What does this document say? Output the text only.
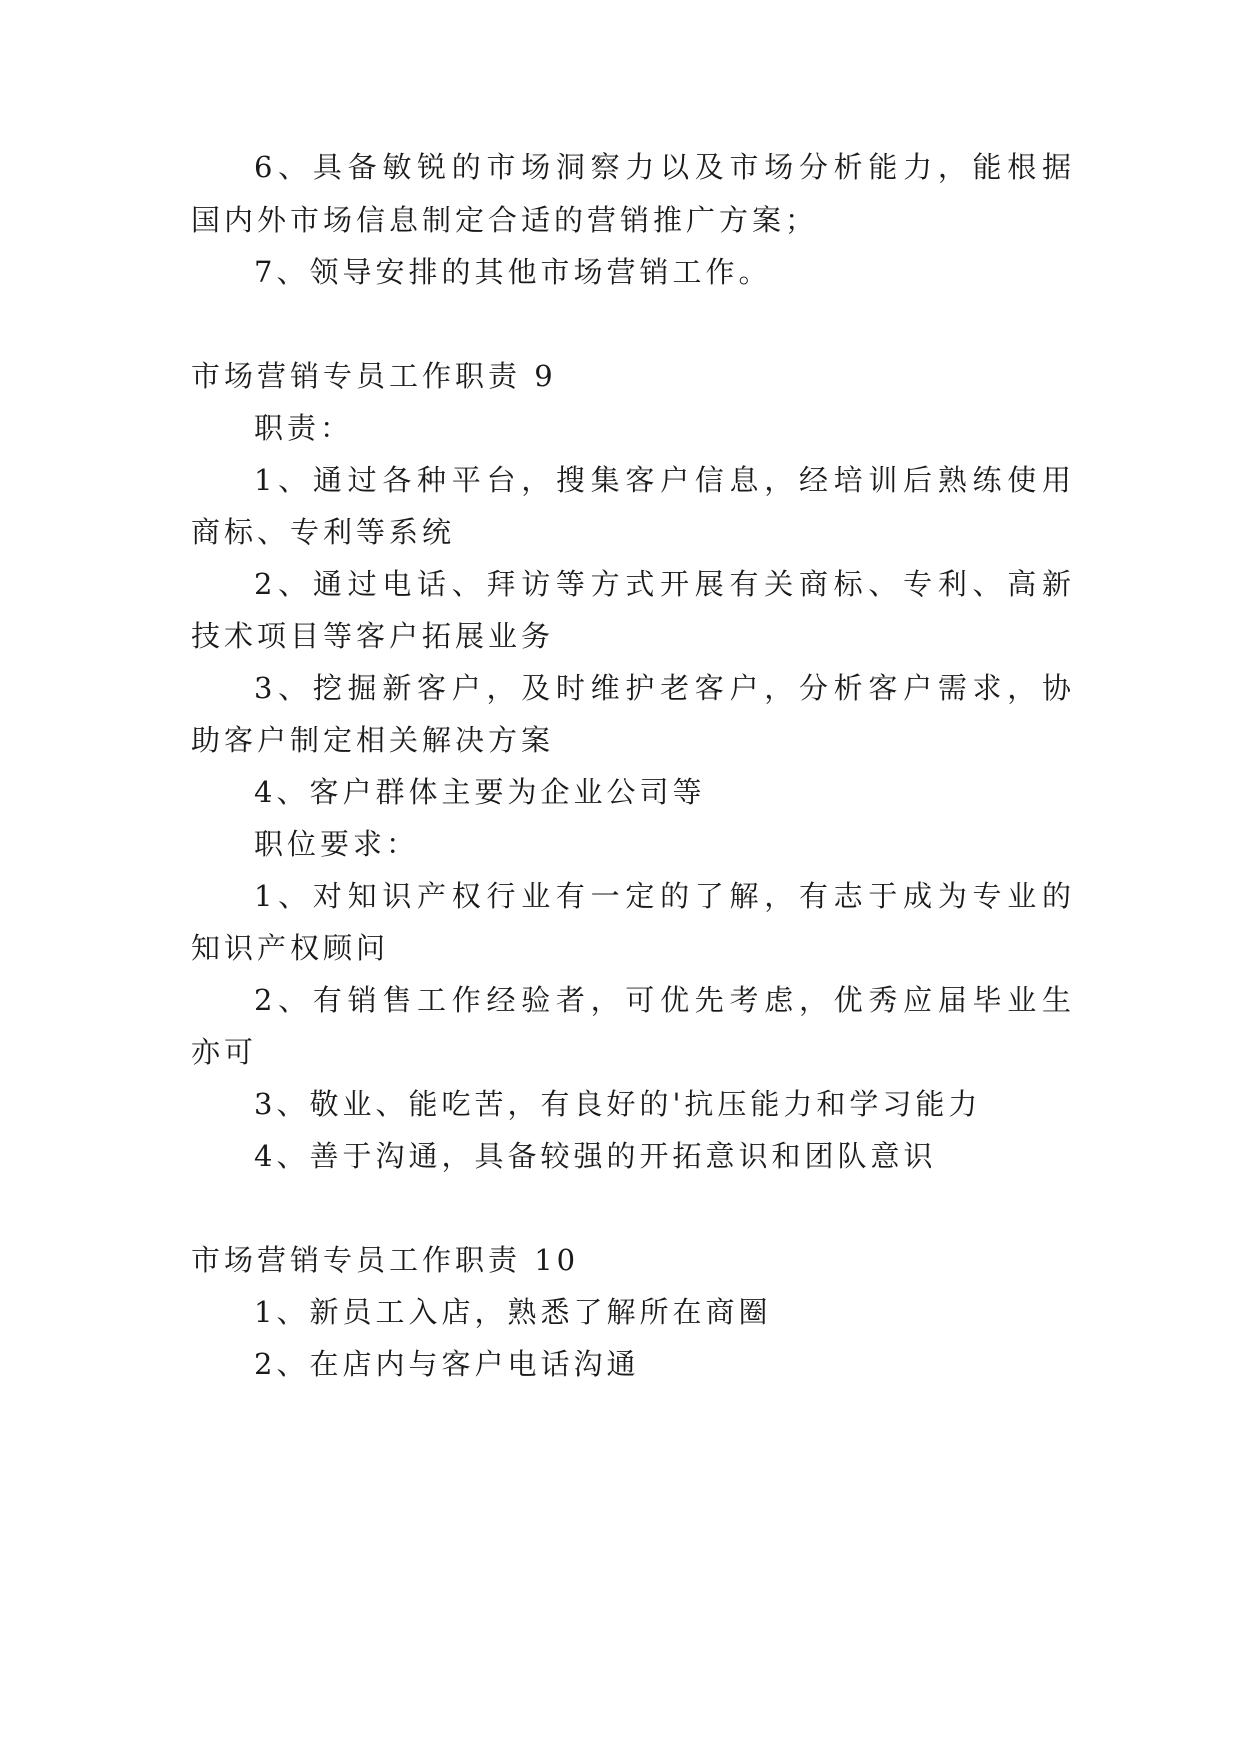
6、具备敏锐的市场洞察力以及市场分析能力，能根据
国内外市场信息制定合适的营销推广方案；
7、领导安排的其他市场营销工作。
市场营销专员工作职责 9
职责：
1、通过各种平台，搜集客户信息，经培训后熟练使用
商标、专利等系统
2、通过电话、拜访等方式开展有关商标、专利、高新
技术项目等客户拓展业务
3、挖掘新客户，及时维护老客户，分析客户需求，协
助客户制定相关解决方案
4、客户群体主要为企业公司等
职位要求：
1、对知识产权行业有一定的了解，有志于成为专业的
知识产权顾问
2、有销售工作经验者，可优先考虑，优秀应届毕业生
亦可
3、敬业、能吃苦，有良好的'抗压能力和学习能力
4、善于沟通，具备较强的开拓意识和团队意识
市场营销专员工作职责 10
1、新员工入店，熟悉了解所在商圈
2、在店内与客户电话沟通
